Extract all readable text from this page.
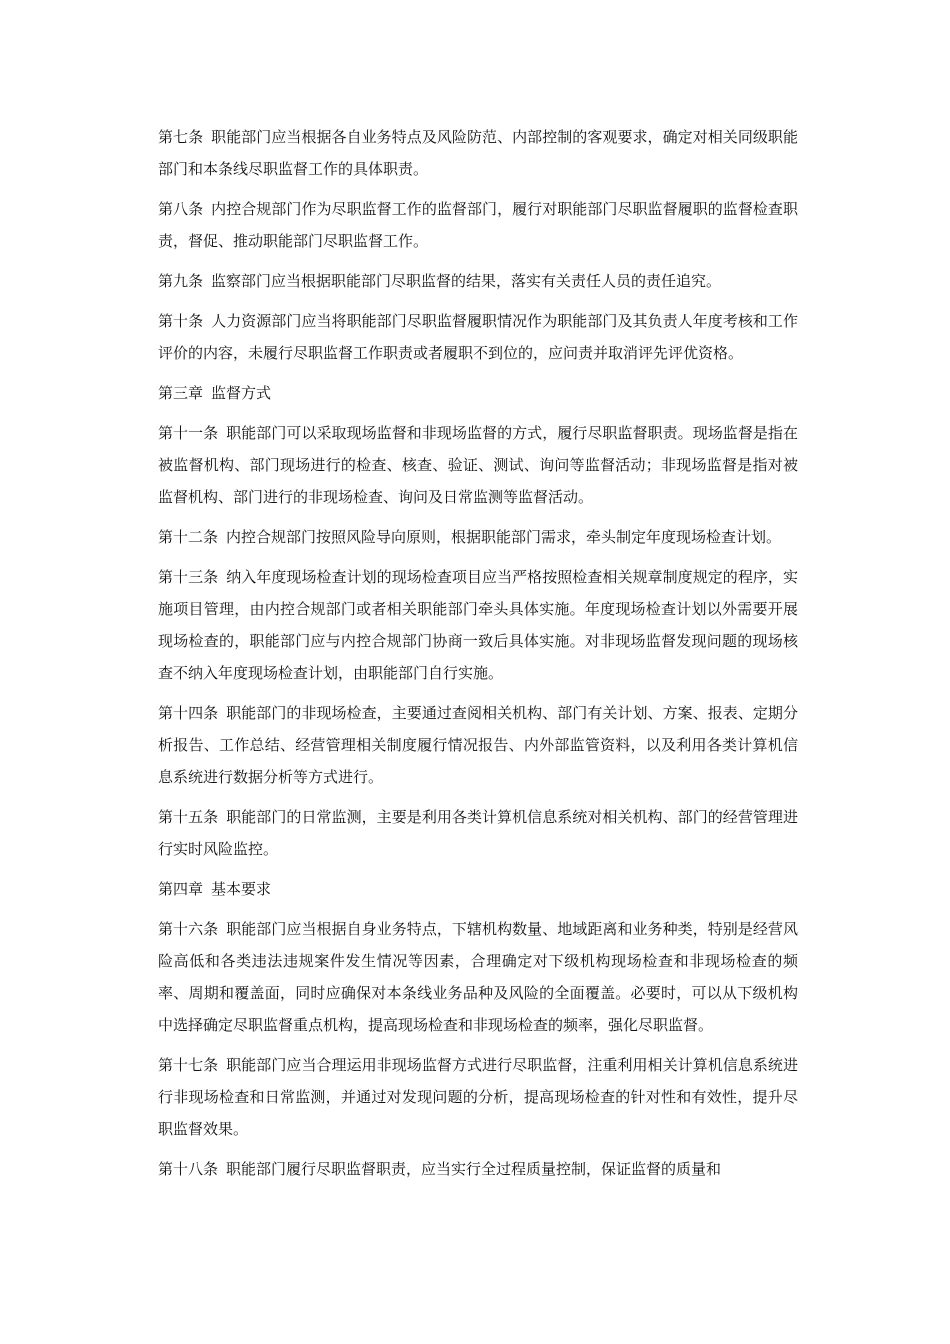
第七条 职能部门应当根据各自业务特点及风险防范、内部控制的客观要求，确定对相关同级职能部门和本条线尽职监督工作的具体职责。

第八条 内控合规部门作为尽职监督工作的监督部门，履行对职能部门尽职监督履职的监督检查职责，督促、推动职能部门尽职监督工作。

第九条 监察部门应当根据职能部门尽职监督的结果，落实有关责任人员的责任追究。

第十条 人力资源部门应当将职能部门尽职监督履职情况作为职能部门及其负责人年度考核和工作评价的内容，未履行尽职监督工作职责或者履职不到位的，应问责并取消评先评优资格。

第三章 监督方式

第十一条 职能部门可以采取现场监督和非现场监督的方式，履行尽职监督职责。现场监督是指在被监督机构、部门现场进行的检查、核查、验证、测试、询问等监督活动；非现场监督是指对被监督机构、部门进行的非现场检查、询问及日常监测等监督活动。

第十二条 内控合规部门按照风险导向原则，根据职能部门需求，牵头制定年度现场检查计划。

第十三条 纳入年度现场检查计划的现场检查项目应当严格按照检查相关规章制度规定的程序，实施项目管理，由内控合规部门或者相关职能部门牵头具体实施。年度现场检查计划以外需要开展现场检查的，职能部门应与内控合规部门协商一致后具体实施。对非现场监督发现问题的现场核查不纳入年度现场检查计划，由职能部门自行实施。

第十四条 职能部门的非现场检查，主要通过查阅相关机构、部门有关计划、方案、报表、定期分析报告、工作总结、经营管理相关制度履行情况报告、内外部监管资料，以及利用各类计算机信息系统进行数据分析等方式进行。

第十五条 职能部门的日常监测，主要是利用各类计算机信息系统对相关机构、部门的经营管理进行实时风险监控。

第四章 基本要求

第十六条 职能部门应当根据自身业务特点，下辖机构数量、地域距离和业务种类，特别是经营风险高低和各类违法违规案件发生情况等因素，合理确定对下级机构现场检查和非现场检查的频率、周期和覆盖面，同时应确保对本条线业务品种及风险的全面覆盖。必要时，可以从下级机构中选择确定尽职监督重点机构，提高现场检查和非现场检查的频率，强化尽职监督。

第十七条 职能部门应当合理运用非现场监督方式进行尽职监督，注重利用相关计算机信息系统进行非现场检查和日常监测，并通过对发现问题的分析，提高现场检查的针对性和有效性，提升尽职监督效果。

第十八条 职能部门履行尽职监督职责，应当实行全过程质量控制，保证监督的质量和
